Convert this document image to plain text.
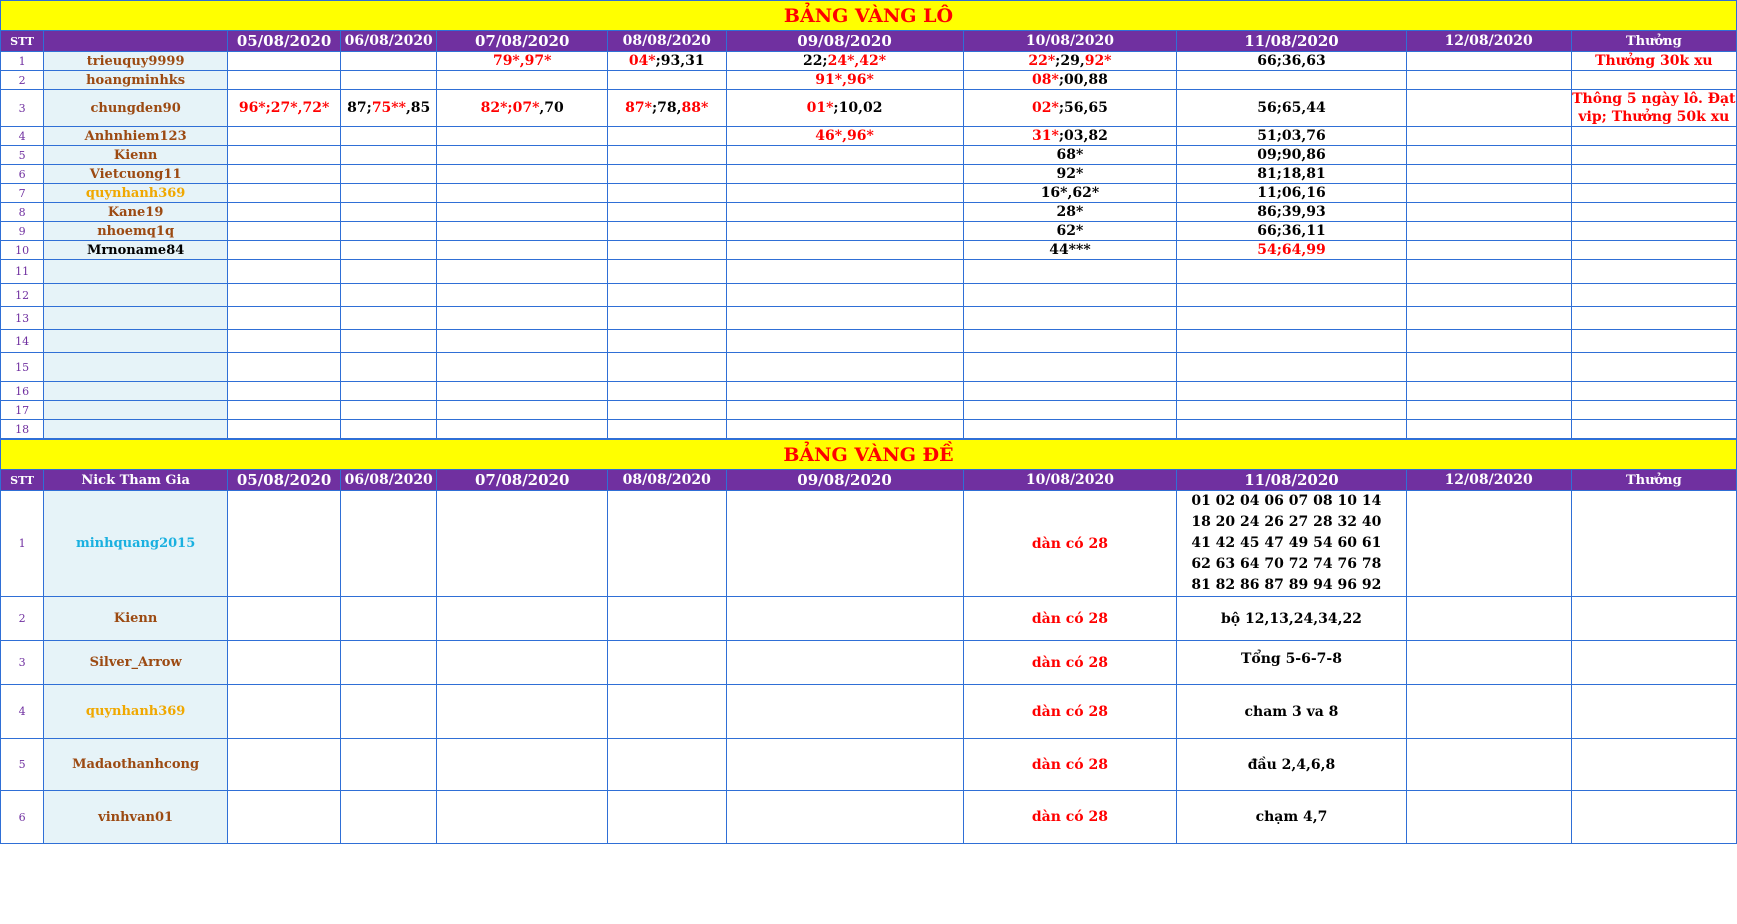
BẢNG VÀNG LÔ										
STT		05/08/2020	06/08/2020	07/08/2020	08/08/2020	09/08/2020	10/08/2020	11/08/2020	12/08/2020	Thưởng
1	trieuquy9999			79*,97*	04*;93,31	22;24*,42*	22*;29,92*	66;36,63		Thưởng 30k xu
2	hoangminhks					91*,96*	08*;00,88			
3	chungden90	96*;27*,72*	87;75**,85	82*;07*,70	87*;78,88*	01*;10,02	02*;56,65	56;65,44		Thông 5 ngày lô. Đạt vip; Thưởng 50k xu
4	Anhnhiem123					46*,96*	31*;03,82	51;03,76		
5	Kienn						68*	09;90,86		
6	Vietcuong11						92*	81;18,81		
7	quynhanh369						16*,62*	11;06,16		
8	Kane19						28*	86;39,93		
9	nhoemq1q						62*	66;36,11		
10	Mrnoname84						44***	54;64,99		
11										
12										
13										
14										
15										
16										
17										
18										
BẢNG VÀNG ĐỀ										
STT	Nick Tham Gia	05/08/2020	06/08/2020	07/08/2020	08/08/2020	09/08/2020	10/08/2020	11/08/2020	12/08/2020	Thưởng
1	minhquang2015						dàn có 28	01 02 04 06 07 08 10 14 18 20 24 26 27 28 32 40 41 42 45 47 49 54 60 61 62 63 64 70 72 74 76 78 81 82 86 87 89 94 96 92		
2	Kienn						dàn có 28	bộ 12,13,24,34,22		
3	Silver_Arrow						dàn có 28	Tổng 5-6-7-8		
4	quynhanh369						dàn có 28	cham 3 va 8		
5	Madaothanhcong						dàn có 28	đầu 2,4,6,8		
6	vinhvan01						dàn có 28	chạm 4,7		
